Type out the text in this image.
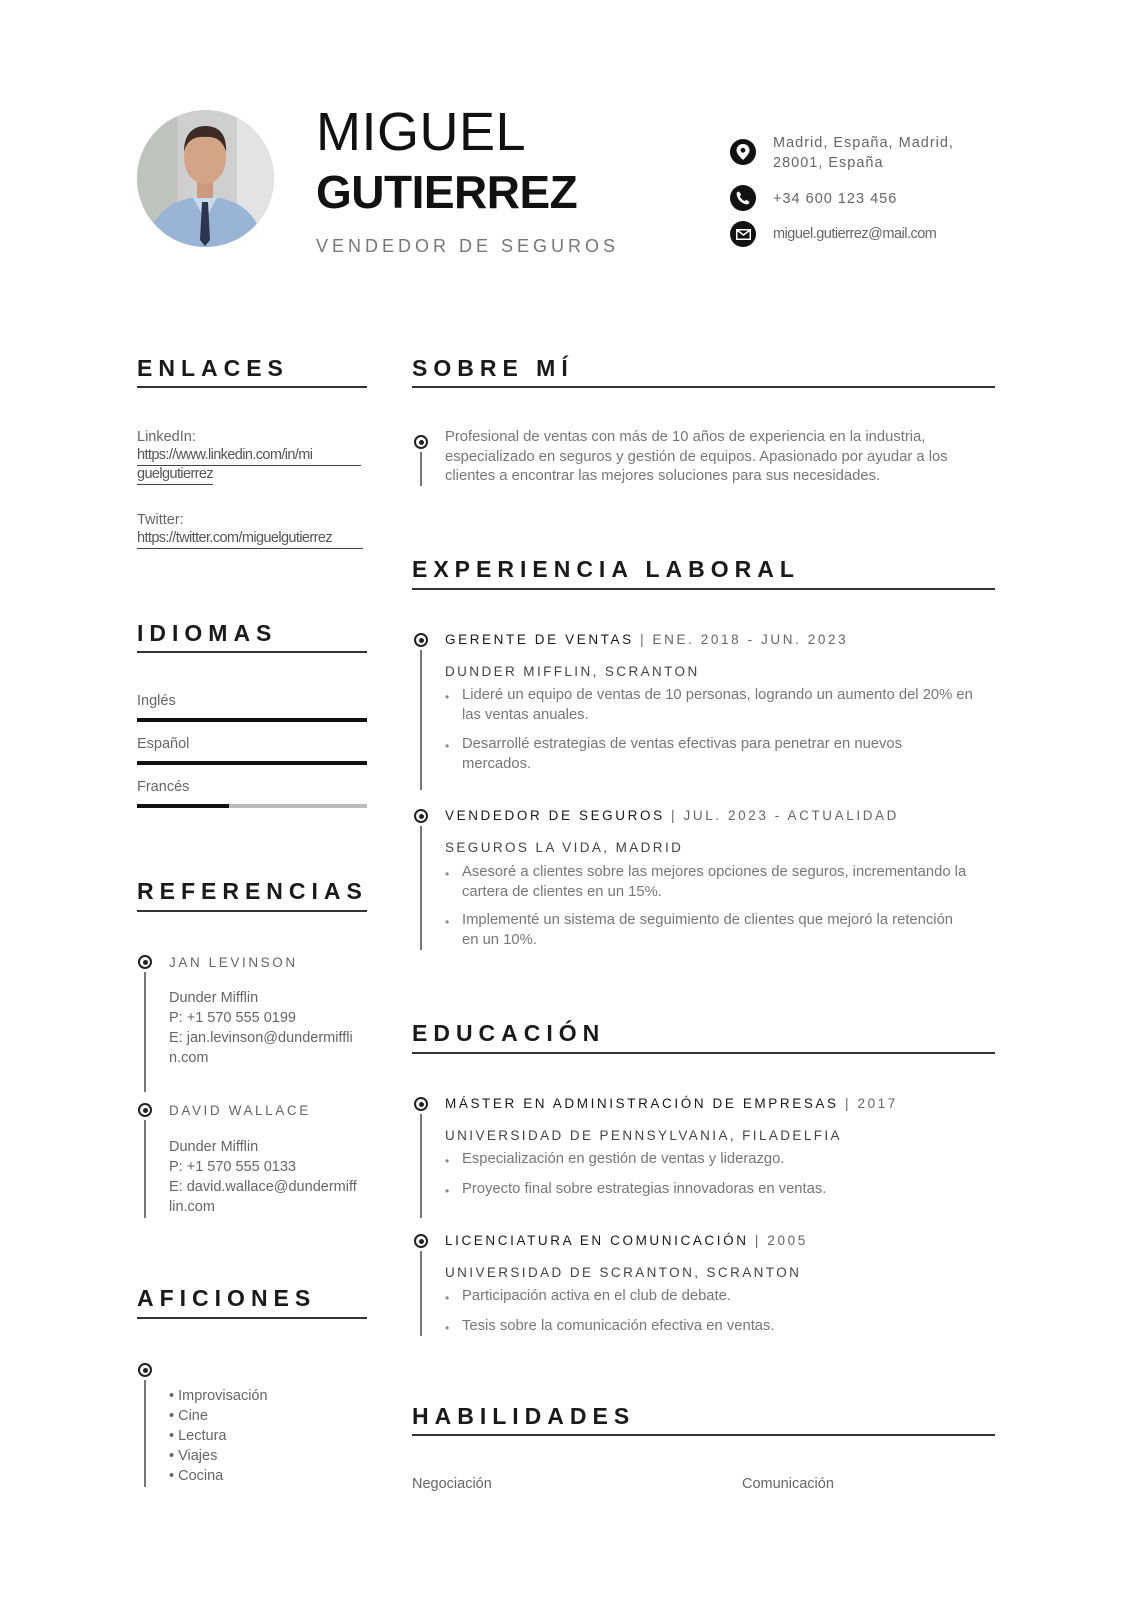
MIGUEL
GUTIERREZ
VENDEDOR DE SEGUROS
Madrid, España, Madrid,
28001, España
+34 600 123 456
miguel.gutierrez@mail.com
ENLACES
LinkedIn:
https://www.linkedin.com/in/mi
guelgutierrez
Twitter:
https://twitter.com/miguelgutierrez
IDIOMAS
Inglés
Español
Francés
REFERENCIAS
JAN LEVINSON
Dunder Mifflin
P: +1 570 555 0199
E: jan.levinson@dundermiffli
n.com
DAVID WALLACE
Dunder Mifflin
P: +1 570 555 0133
E: david.wallace@dundermiff
lin.com
AFICIONES
• Improvisación
• Cine
• Lectura
• Viajes
• Cocina
SOBRE MÍ
Profesional de ventas con más de 10 años de experiencia en la industria,
especializado en seguros y gestión de equipos. Apasionado por ayudar a los
clientes a encontrar las mejores soluciones para sus necesidades.
EXPERIENCIA LABORAL
GERENTE DE VENTAS | ENE. 2018 - JUN. 2023
DUNDER MIFFLIN, SCRANTON
• Lideré un equipo de ventas de 10 personas, logrando un aumento del 20% en
las ventas anuales.
• Desarrollé estrategias de ventas efectivas para penetrar en nuevos
mercados.
VENDEDOR DE SEGUROS | JUL. 2023 - ACTUALIDAD
SEGUROS LA VIDA, MADRID
• Asesoré a clientes sobre las mejores opciones de seguros, incrementando la
cartera de clientes en un 15%.
• Implementé un sistema de seguimiento de clientes que mejoró la retención
en un 10%.
EDUCACIÓN
MÁSTER EN ADMINISTRACIÓN DE EMPRESAS | 2017
UNIVERSIDAD DE PENNSYLVANIA, FILADELFIA
• Especialización en gestión de ventas y liderazgo.
• Proyecto final sobre estrategias innovadoras en ventas.
LICENCIATURA EN COMUNICACIÓN | 2005
UNIVERSIDAD DE SCRANTON, SCRANTON
• Participación activa en el club de debate.
• Tesis sobre la comunicación efectiva en ventas.
HABILIDADES
Negociación	Comunicación
